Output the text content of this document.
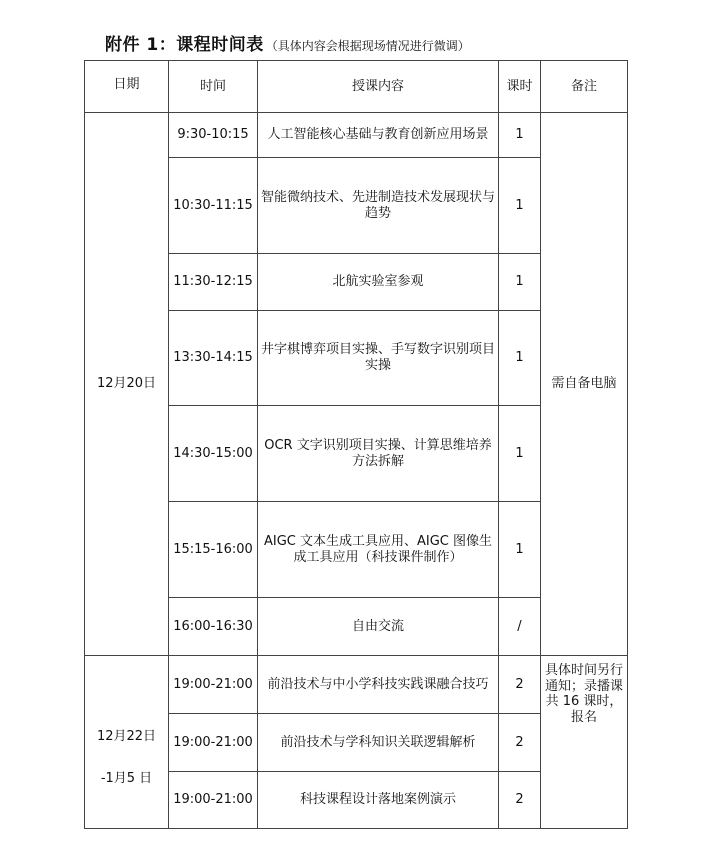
附件 1：课程时间表 （具体内容会根据现场情况进行微调）
日期	时间	授课内容	课时	备注
12月20日	9:30-10:15	人工智能核心基础与教育创新应用场景	1	需自备电脑
	10:30-11:15	智能微纳技术、先进制造技术发展现状与趋势	1	
	11:30-12:15	北航实验室参观	1	
	13:30-14:15	井字棋博弈项目实操、手写数字识别项目实操	1	
	14:30-15:00	OCR 文字识别项目实操、计算思维培养方法拆解	1	
	15:15-16:00	AIGC 文本生成工具应用、AIGC 图像生成工具应用（科技课件制作）	1	
	16:00-16:30	自由交流	/	

12月22日
-1月5 日	19:00-21:00	前沿技术与中小学科技实践课融合技巧	2	具体时间另行通知；录播课共 16 课时，报名

	19:00-21:00	前沿技术与学科知识关联逻辑解析	2	
	19:00-21:00	科技课程设计落地案例演示	2	
